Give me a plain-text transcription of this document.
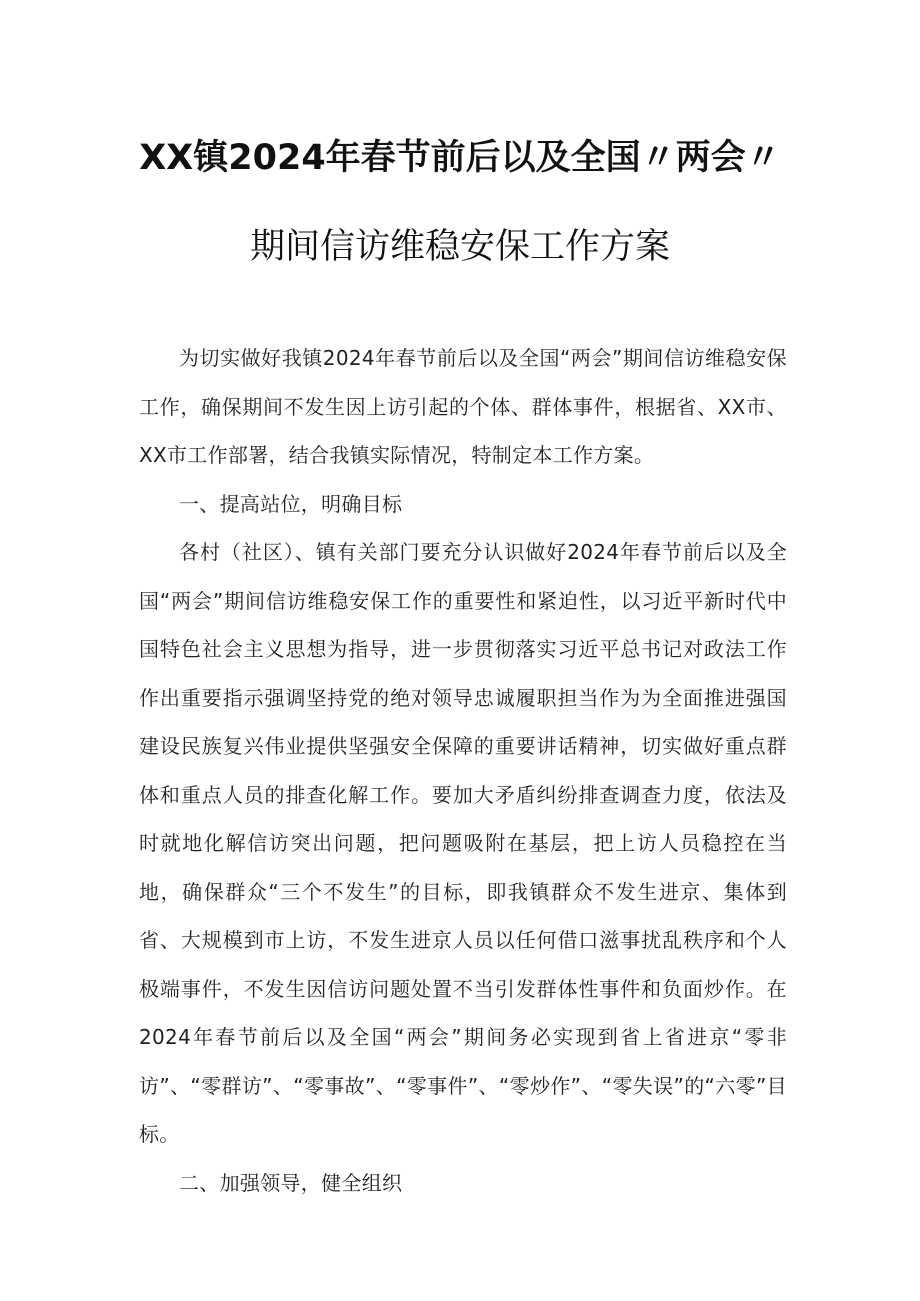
XX镇2024年春节前后以及全国〃两会〃
期间信访维稳安保工作方案

为切实做好我镇2024年春节前后以及全国“两会”期间信访维稳安保工作，确保期间不发生因上访引起的个体、群体事件，根据省、XX市、XX市工作部署，结合我镇实际情况，特制定本工作方案。

一、提高站位，明确目标

各村（社区）、镇有关部门要充分认识做好2024年春节前后以及全国“两会”期间信访维稳安保工作的重要性和紧迫性，以习近平新时代中国特色社会主义思想为指导，进一步贯彻落实习近平总书记对政法工作作出重要指示强调坚持党的绝对领导忠诚履职担当作为为全面推进强国建设民族复兴伟业提供坚强安全保障的重要讲话精神，切实做好重点群体和重点人员的排查化解工作。要加大矛盾纠纷排查调查力度，依法及时就地化解信访突出问题，把问题吸附在基层，把上访人员稳控在当地，确保群众“三个不发生”的目标，即我镇群众不发生进京、集体到省、大规模到市上访，不发生进京人员以任何借口滋事扰乱秩序和个人极端事件，不发生因信访问题处置不当引发群体性事件和负面炒作。在2024年春节前后以及全国“两会”期间务必实现到省上省进京“零非访”、“零群访”、“零事故”、“零事件”、“零炒作”、“零失误”的“六零”目标。

二、加强领导，健全组织
